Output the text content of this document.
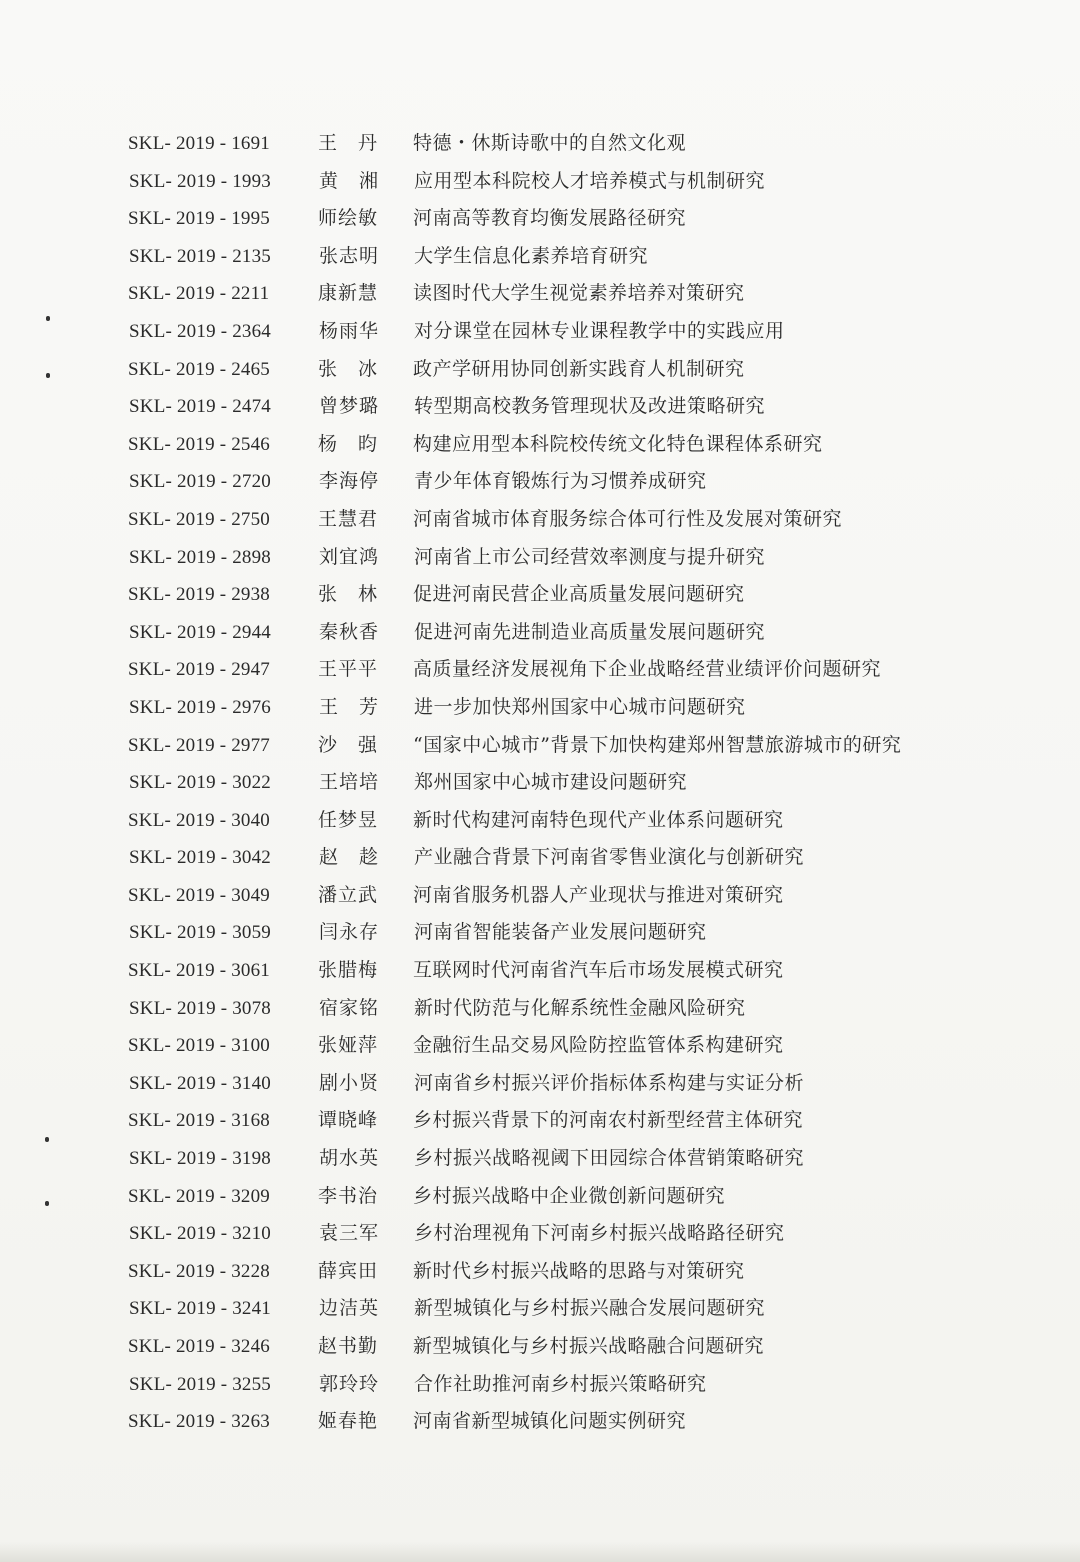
SKL- 2019 - 1691	王　丹	特德・休斯诗歌中的自然文化观
SKL- 2019 - 1993	黄　湘	应用型本科院校人才培养模式与机制研究
SKL- 2019 - 1995	师绘敏	河南高等教育均衡发展路径研究
SKL- 2019 - 2135	张志明	大学生信息化素养培育研究
SKL- 2019 - 2211	康新慧	读图时代大学生视觉素养培养对策研究
SKL- 2019 - 2364	杨雨华	对分课堂在园林专业课程教学中的实践应用
SKL- 2019 - 2465	张　冰	政产学研用协同创新实践育人机制研究
SKL- 2019 - 2474	曾梦璐	转型期高校教务管理现状及改进策略研究
SKL- 2019 - 2546	杨　昀	构建应用型本科院校传统文化特色课程体系研究
SKL- 2019 - 2720	李海停	青少年体育锻炼行为习惯养成研究
SKL- 2019 - 2750	王慧君	河南省城市体育服务综合体可行性及发展对策研究
SKL- 2019 - 2898	刘宜鸿	河南省上市公司经营效率测度与提升研究
SKL- 2019 - 2938	张　林	促进河南民营企业高质量发展问题研究
SKL- 2019 - 2944	秦秋香	促进河南先进制造业高质量发展问题研究
SKL- 2019 - 2947	王平平	高质量经济发展视角下企业战略经营业绩评价问题研究
SKL- 2019 - 2976	王　芳	进一步加快郑州国家中心城市问题研究
SKL- 2019 - 2977	沙　强	“国家中心城市”背景下加快构建郑州智慧旅游城市的研究
SKL- 2019 - 3022	王培培	郑州国家中心城市建设问题研究
SKL- 2019 - 3040	任梦昱	新时代构建河南特色现代产业体系问题研究
SKL- 2019 - 3042	赵　趁	产业融合背景下河南省零售业演化与创新研究
SKL- 2019 - 3049	潘立武	河南省服务机器人产业现状与推进对策研究
SKL- 2019 - 3059	闫永存	河南省智能装备产业发展问题研究
SKL- 2019 - 3061	张腊梅	互联网时代河南省汽车后市场发展模式研究
SKL- 2019 - 3078	宿家铭	新时代防范与化解系统性金融风险研究
SKL- 2019 - 3100	张娅萍	金融衍生品交易风险防控监管体系构建研究
SKL- 2019 - 3140	剧小贤	河南省乡村振兴评价指标体系构建与实证分析
SKL- 2019 - 3168	谭晓峰	乡村振兴背景下的河南农村新型经营主体研究
SKL- 2019 - 3198	胡水英	乡村振兴战略视阈下田园综合体营销策略研究
SKL- 2019 - 3209	李书治	乡村振兴战略中企业微创新问题研究
SKL- 2019 - 3210	袁三军	乡村治理视角下河南乡村振兴战略路径研究
SKL- 2019 - 3228	薛宾田	新时代乡村振兴战略的思路与对策研究
SKL- 2019 - 3241	边洁英	新型城镇化与乡村振兴融合发展问题研究
SKL- 2019 - 3246	赵书勤	新型城镇化与乡村振兴战略融合问题研究
SKL- 2019 - 3255	郭玲玲	合作社助推河南乡村振兴策略研究
SKL- 2019 - 3263	姬春艳	河南省新型城镇化问题实例研究
